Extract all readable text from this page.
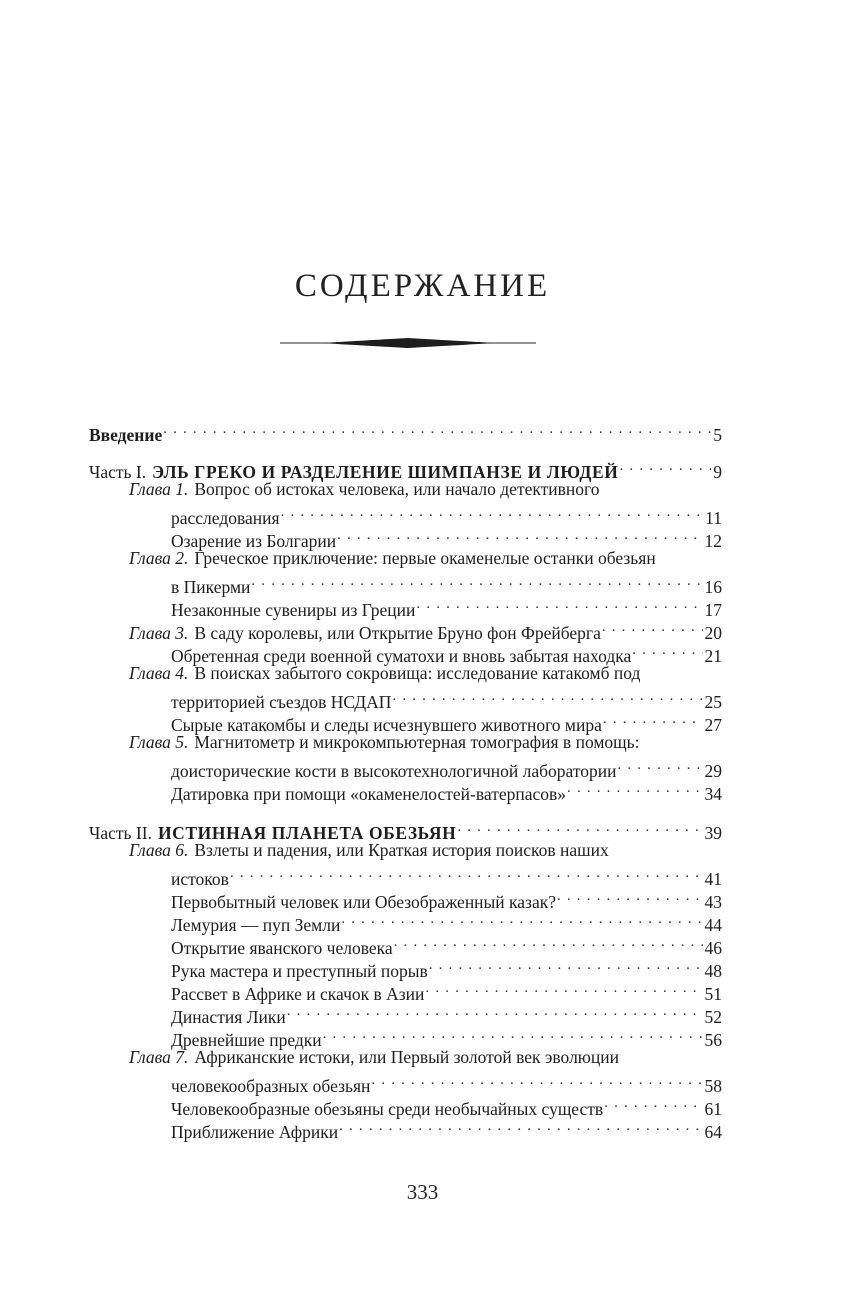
СОДЕРЖАНИЕ
Введение . . .	5
Часть I. ЭЛЬ ГРЕКО И РАЗДЕЛЕНИЕ ШИМПАНЗЕ И ЛЮДЕЙ . . .	9
Глава 1. Вопрос об истоках человека, или начало детективного
расследования . . .	11
Озарение из Болгарии . . .	12
Глава 2. Греческое приключение: первые окаменелые останки обезьян
в Пикерми . . .	16
Незаконные сувениры из Греции . . .	17
Глава 3. В саду королевы, или Открытие Бруно фон Фрейберга . . .	20
Обретенная среди военной суматохи и вновь забытая находка . . .	21
Глава 4. В поисках забытого сокровища: исследование катакомб под
территорией съездов НСДАП . . .	25
Сырые катакомбы и следы исчезнувшего животного мира . . .	27
Глава 5. Магнитометр и микрокомпьютерная томография в помощь:
доисторические кости в высокотехнологичной лаборатории . . .	29
Датировка при помощи «окаменелостей-ватерпасов» . . .	34
Часть II. ИСТИННАЯ ПЛАНЕТА ОБЕЗЬЯН . . .	39
Глава 6. Взлеты и падения, или Краткая история поисков наших
истоков . . .	41
Первобытный человек или Обезображенный казак? . . .	43
Лемурия — пуп Земли . . .	44
Открытие яванского человека . . .	46
Рука мастера и преступный порыв . . .	48
Рассвет в Африке и скачок в Азии . . .	51
Династия Лики . . .	52
Древнейшие предки . . .	56
Глава 7. Африканские истоки, или Первый золотой век эволюции
человекообразных обезьян . . .	58
Человекообразные обезьяны среди необычайных существ . . .	61
Приближение Африки . . .	64
333
